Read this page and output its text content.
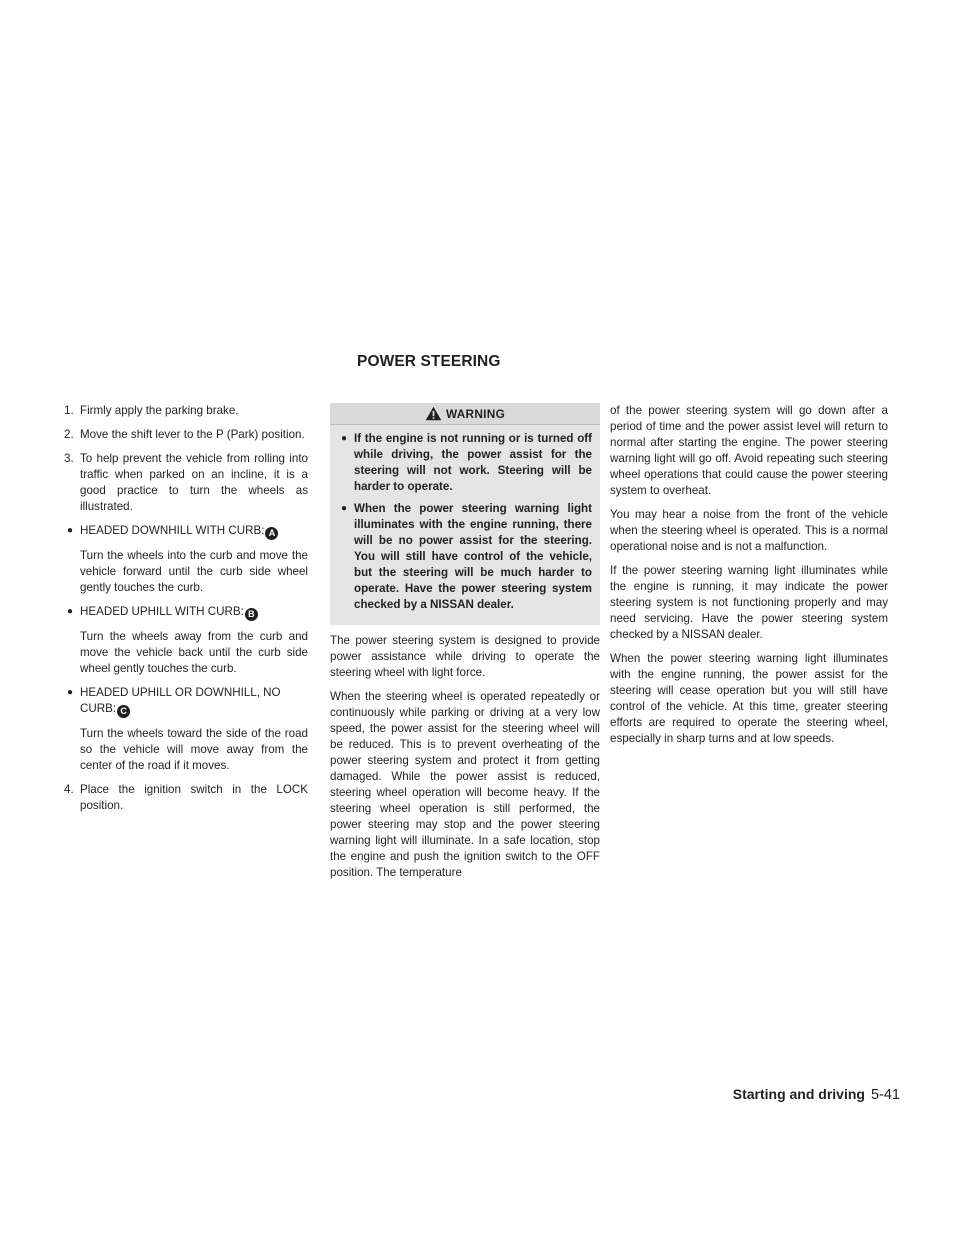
POWER STEERING
1. Firmly apply the parking brake.
2. Move the shift lever to the P (Park) position.
3. To help prevent the vehicle from rolling into traffic when parked on an incline, it is a good practice to turn the wheels as illustrated.
● HEADED DOWNHILL WITH CURB: A
Turn the wheels into the curb and move the vehicle forward until the curb side wheel gently touches the curb.
● HEADED UPHILL WITH CURB: B
Turn the wheels away from the curb and move the vehicle back until the curb side wheel gently touches the curb.
● HEADED UPHILL OR DOWNHILL, NO CURB: C
Turn the wheels toward the side of the road so the vehicle will move away from the center of the road if it moves.
4. Place the ignition switch in the LOCK position.
WARNING
● If the engine is not running or is turned off while driving, the power assist for the steering will not work. Steering will be harder to operate.
● When the power steering warning light illuminates with the engine running, there will be no power assist for the steering. You will still have control of the vehicle, but the steering will be much harder to operate. Have the power steering system checked by a NISSAN dealer.

The power steering system is designed to provide power assistance while driving to operate the steering wheel with light force.

When the steering wheel is operated repeatedly or continuously while parking or driving at a very low speed, the power assist for the steering wheel will be reduced. This is to prevent overheating of the power steering system and protect it from getting damaged. While the power assist is reduced, steering wheel operation will become heavy. If the steering wheel operation is still performed, the power steering may stop and the power steering warning light will illuminate. In a safe location, stop the engine and push the ignition switch to the OFF position. The temperature

of the power steering system will go down after a period of time and the power assist level will return to normal after starting the engine. The power steering warning light will go off. Avoid repeating such steering wheel operations that could cause the power steering system to overheat.

You may hear a noise from the front of the vehicle when the steering wheel is operated. This is a normal operational noise and is not a malfunction.

If the power steering warning light illuminates while the engine is running, it may indicate the power steering system is not functioning properly and may need servicing. Have the power steering system checked by a NISSAN dealer.

When the power steering warning light illuminates with the engine running, the power assist for the steering will cease operation but you will still have control of the vehicle. At this time, greater steering efforts are required to operate the steering wheel, especially in sharp turns and at low speeds.

Starting and driving 5-41
